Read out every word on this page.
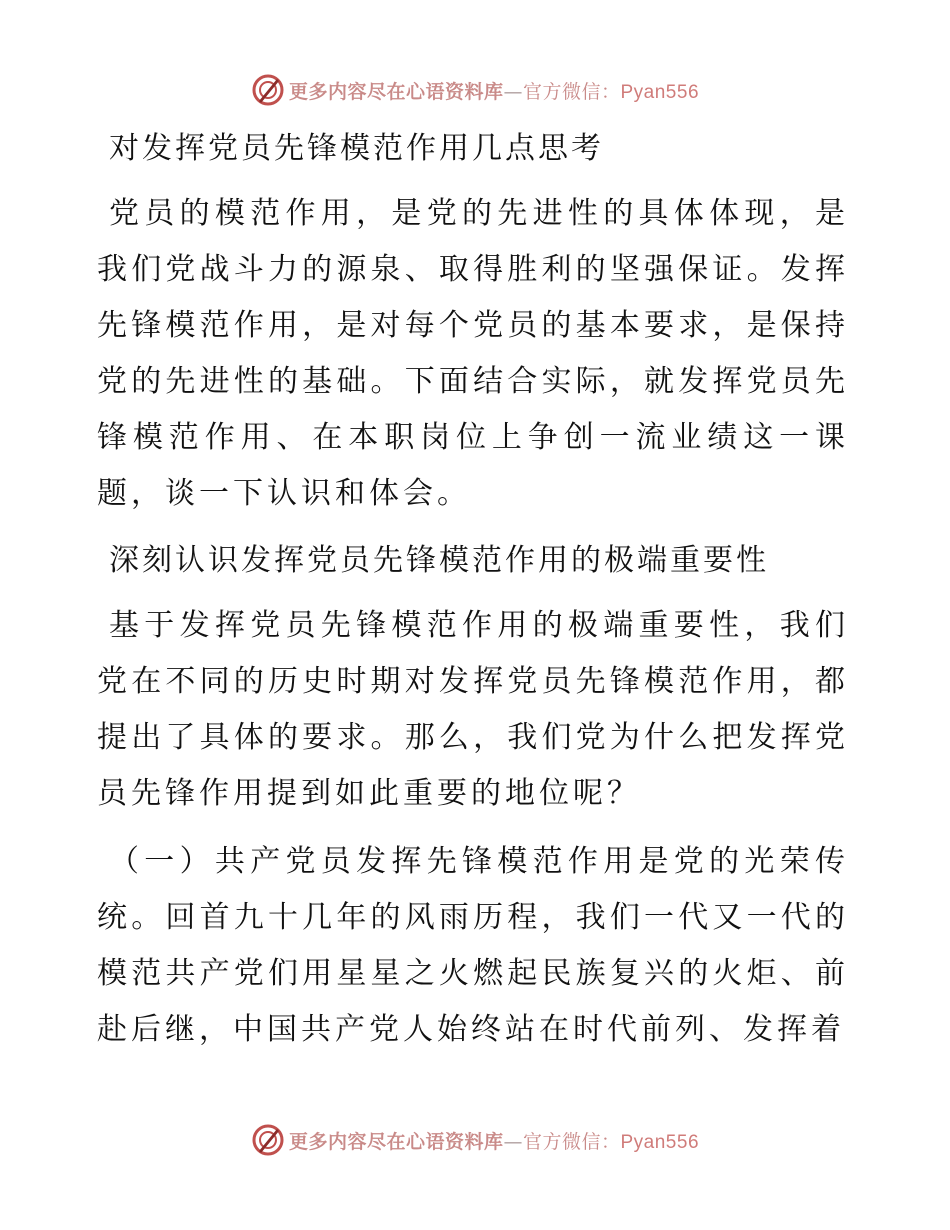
更多内容尽在心语资料库—官方微信：Pyan556
对发挥党员先锋模范作用几点思考

党员的模范作用，是党的先进性的具体体现，是我们党战斗力的源泉、取得胜利的坚强保证。发挥先锋模范作用，是对每个党员的基本要求，是保持党的先进性的基础。下面结合实际，就发挥党员先锋模范作用、在本职岗位上争创一流业绩这一课题，谈一下认识和体会。

深刻认识发挥党员先锋模范作用的极端重要性

基于发挥党员先锋模范作用的极端重要性，我们党在不同的历史时期对发挥党员先锋模范作用，都提出了具体的要求。那么，我们党为什么把发挥党员先锋作用提到如此重要的地位呢？

（一）共产党员发挥先锋模范作用是党的光荣传统。回首九十几年的风雨历程，我们一代又一代的模范共产党们用星星之火燃起民族复兴的火炬、前赴后继，中国共产党人始终站在时代前列、发挥着

更多内容尽在心语资料库—官方微信：Pyan556
